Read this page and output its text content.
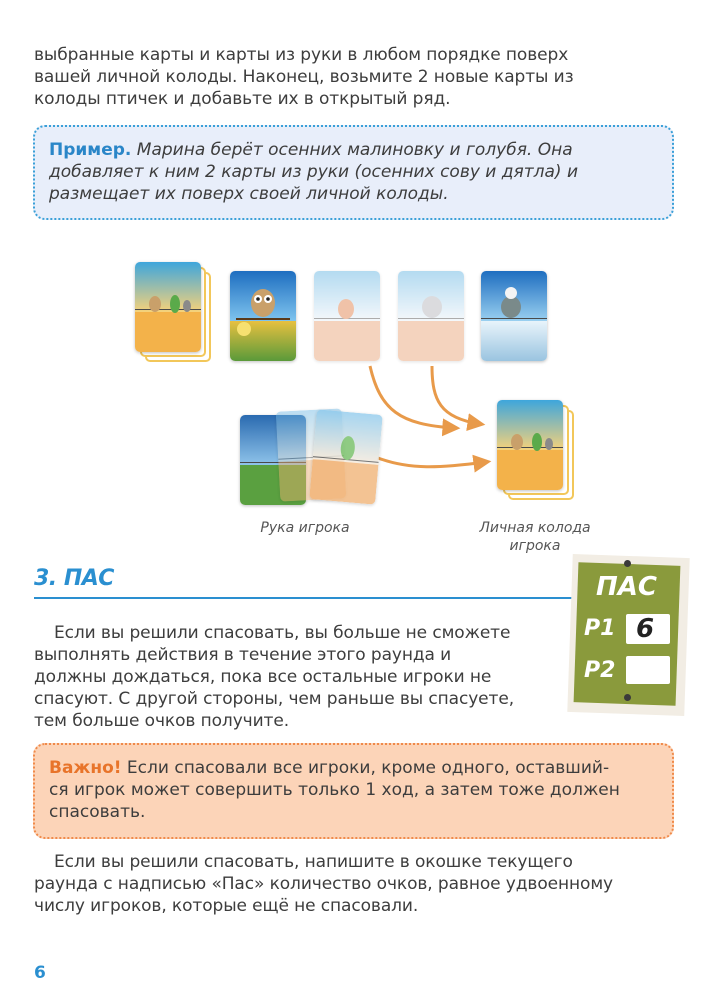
выбранные карты и карты из руки в любом порядке поверх
вашей личной колоды. Наконец, возьмите 2 новые карты из
колоды птичек и добавьте их в открытый ряд.

Пример. Марина берёт осенних малиновку и голубя. Она
добавляет к ним 2 карты из руки (осенних сову и дятла) и
размещает их поверх своей личной колоды.
Рука игрока	Личная колода
игрока
3. ПАС

Если вы решили спасовать, вы больше не сможете
выполнять действия в течение этого раунда и
должны дождаться, пока все остальные игроки не
спасуют. С другой стороны, чем раньше вы спасуете,
тем больше очков получите.

ПАС
P1 6
P2
Важно! Если спасовали все игроки, кроме одного, оставший-
ся игрок может совершить только 1 ход, а затем тоже должен
спасовать.

Если вы решили спасовать, напишите в окошке текущего
раунда с надписью «Пас» количество очков, равное удвоенному
числу игроков, которые ещё не спасовали.

6
